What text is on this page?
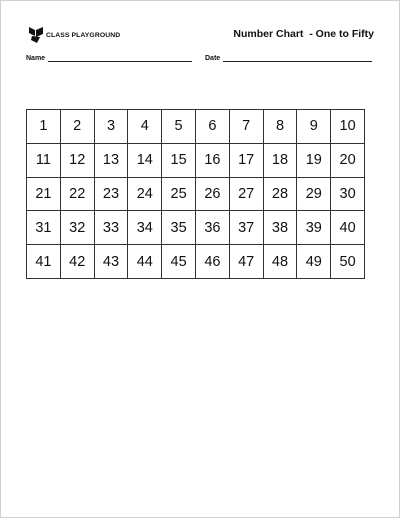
CLASS PLAYGROUND	Number Chart  - One to Fifty
Name	Date
1	2	3	4	5	6	7	8	9	10
11	12	13	14	15	16	17	18	19	20
21	22	23	24	25	26	27	28	29	30
31	32	33	34	35	36	37	38	39	40
41	42	43	44	45	46	47	48	49	50
